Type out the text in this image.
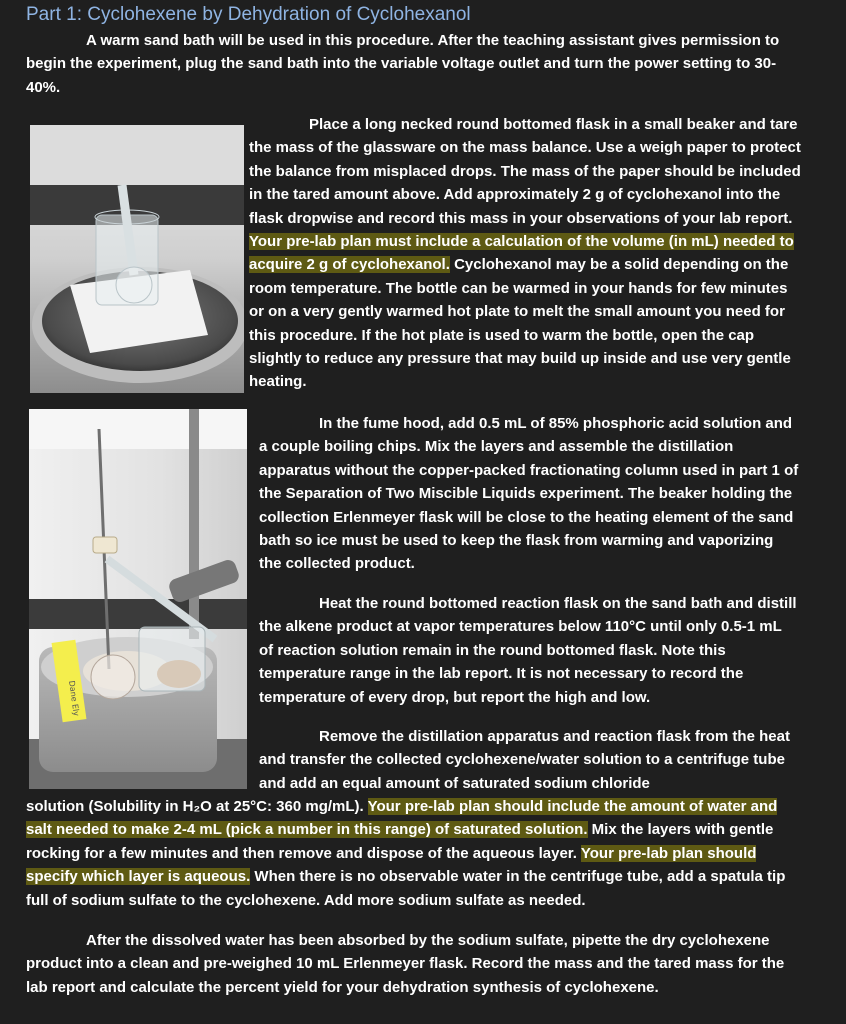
Part 1: Cyclohexene by Dehydration of Cyclohexanol

A warm sand bath will be used in this procedure. After the teaching assistant gives permission to begin the experiment, plug the sand bath into the variable voltage outlet and turn the power setting to 30-40%.

Place a long necked round bottomed flask in a small beaker and tare the mass of the glassware on the mass balance. Use a weigh paper to protect the balance from misplaced drops. The mass of the paper should be included in the tared amount above. Add approximately 2 g of cyclohexanol into the flask dropwise and record this mass in your observations of your lab report. Your pre-lab plan must include a calculation of the volume (in mL) needed to acquire 2 g of cyclohexanol. Cyclohexanol may be a solid depending on the room temperature. The bottle can be warmed in your hands for few minutes or on a very gently warmed hot plate to melt the small amount you need for this procedure. If the hot plate is used to warm the bottle, open the cap slightly to reduce any pressure that may build up inside and use very gentle heating.

Dane Ely

In the fume hood, add 0.5 mL of 85% phosphoric acid solution and a couple boiling chips. Mix the layers and assemble the distillation apparatus without the copper-packed fractionating column used in part 1 of the Separation of Two Miscible Liquids experiment. The beaker holding the collection Erlenmeyer flask will be close to the heating element of the sand bath so ice must be used to keep the flask from warming and vaporizing the collected product.

Heat the round bottomed reaction flask on the sand bath and distill the alkene product at vapor temperatures below 110°C until only 0.5-1 mL of reaction solution remain in the round bottomed flask. Note this temperature range in the lab report. It is not necessary to record the temperature of every drop, but report the high and low.

Remove the distillation apparatus and reaction flask from the heat and transfer the collected cyclohexene/water solution to a centrifuge tube and add an equal amount of saturated sodium chloride

solution (Solubility in H₂O at 25°C: 360 mg/mL). Your pre-lab plan should include the amount of water and salt needed to make 2-4 mL (pick a number in this range) of saturated solution. Mix the layers with gentle rocking for a few minutes and then remove and dispose of the aqueous layer. Your pre-lab plan should specify which layer is aqueous. When there is no observable water in the centrifuge tube, add a spatula tip full of sodium sulfate to the cyclohexene. Add more sodium sulfate as needed.

After the dissolved water has been absorbed by the sodium sulfate, pipette the dry cyclohexene product into a clean and pre-weighed 10 mL Erlenmeyer flask. Record the mass and the tared mass for the lab report and calculate the percent yield for your dehydration synthesis of cyclohexene.
